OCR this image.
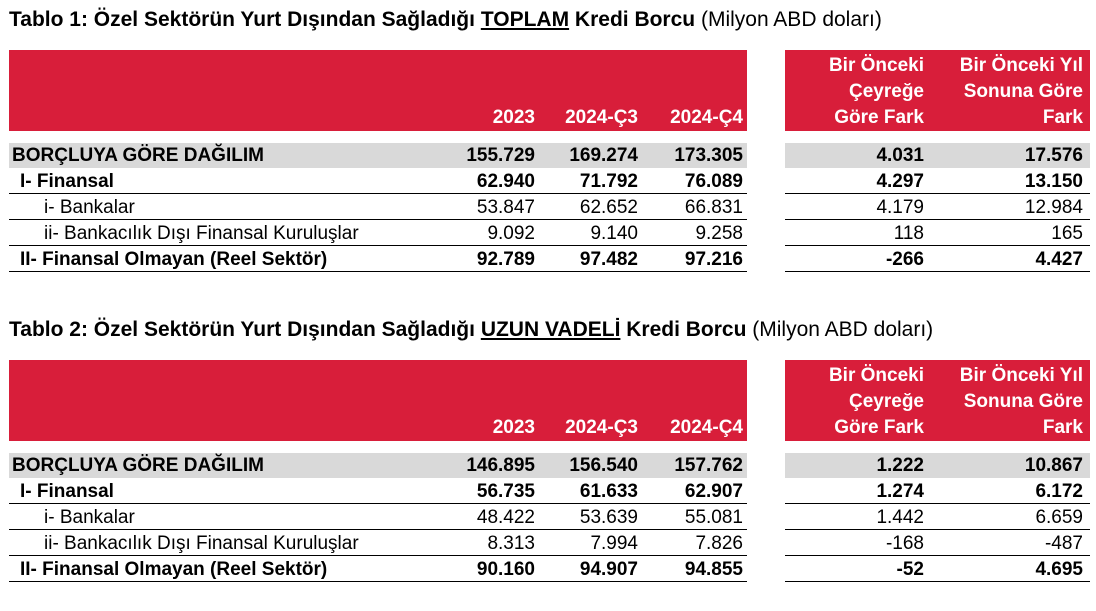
Tablo 1: Özel Sektörün Yurt Dışından Sağladığı TOPLAM Kredi Borcu (Milyon ABD doları)
2023	2024-Ç3	2024-Ç4
Bir Önceki
Çeyreğe
Göre Fark
Bir Önceki Yıl
Sonuna Göre
Fark
BORÇLUYA GÖRE DAĞILIM	155.729	169.274	173.305	4.031	17.576
I- Finansal	62.940	71.792	76.089	4.297	13.150
i- Bankalar	53.847	62.652	66.831	4.179	12.984
ii- Bankacılık Dışı Finansal Kuruluşlar	9.092	9.140	9.258	118	165
II- Finansal Olmayan (Reel Sektör)	92.789	97.482	97.216	-266	4.427
Tablo 2: Özel Sektörün Yurt Dışından Sağladığı UZUN VADELİ Kredi Borcu (Milyon ABD doları)
2023	2024-Ç3	2024-Ç4
Bir Önceki
Çeyreğe
Göre Fark
Bir Önceki Yıl
Sonuna Göre
Fark
BORÇLUYA GÖRE DAĞILIM	146.895	156.540	157.762	1.222	10.867
I- Finansal	56.735	61.633	62.907	1.274	6.172
i- Bankalar	48.422	53.639	55.081	1.442	6.659
ii- Bankacılık Dışı Finansal Kuruluşlar	8.313	7.994	7.826	-168	-487
II- Finansal Olmayan (Reel Sektör)	90.160	94.907	94.855	-52	4.695
